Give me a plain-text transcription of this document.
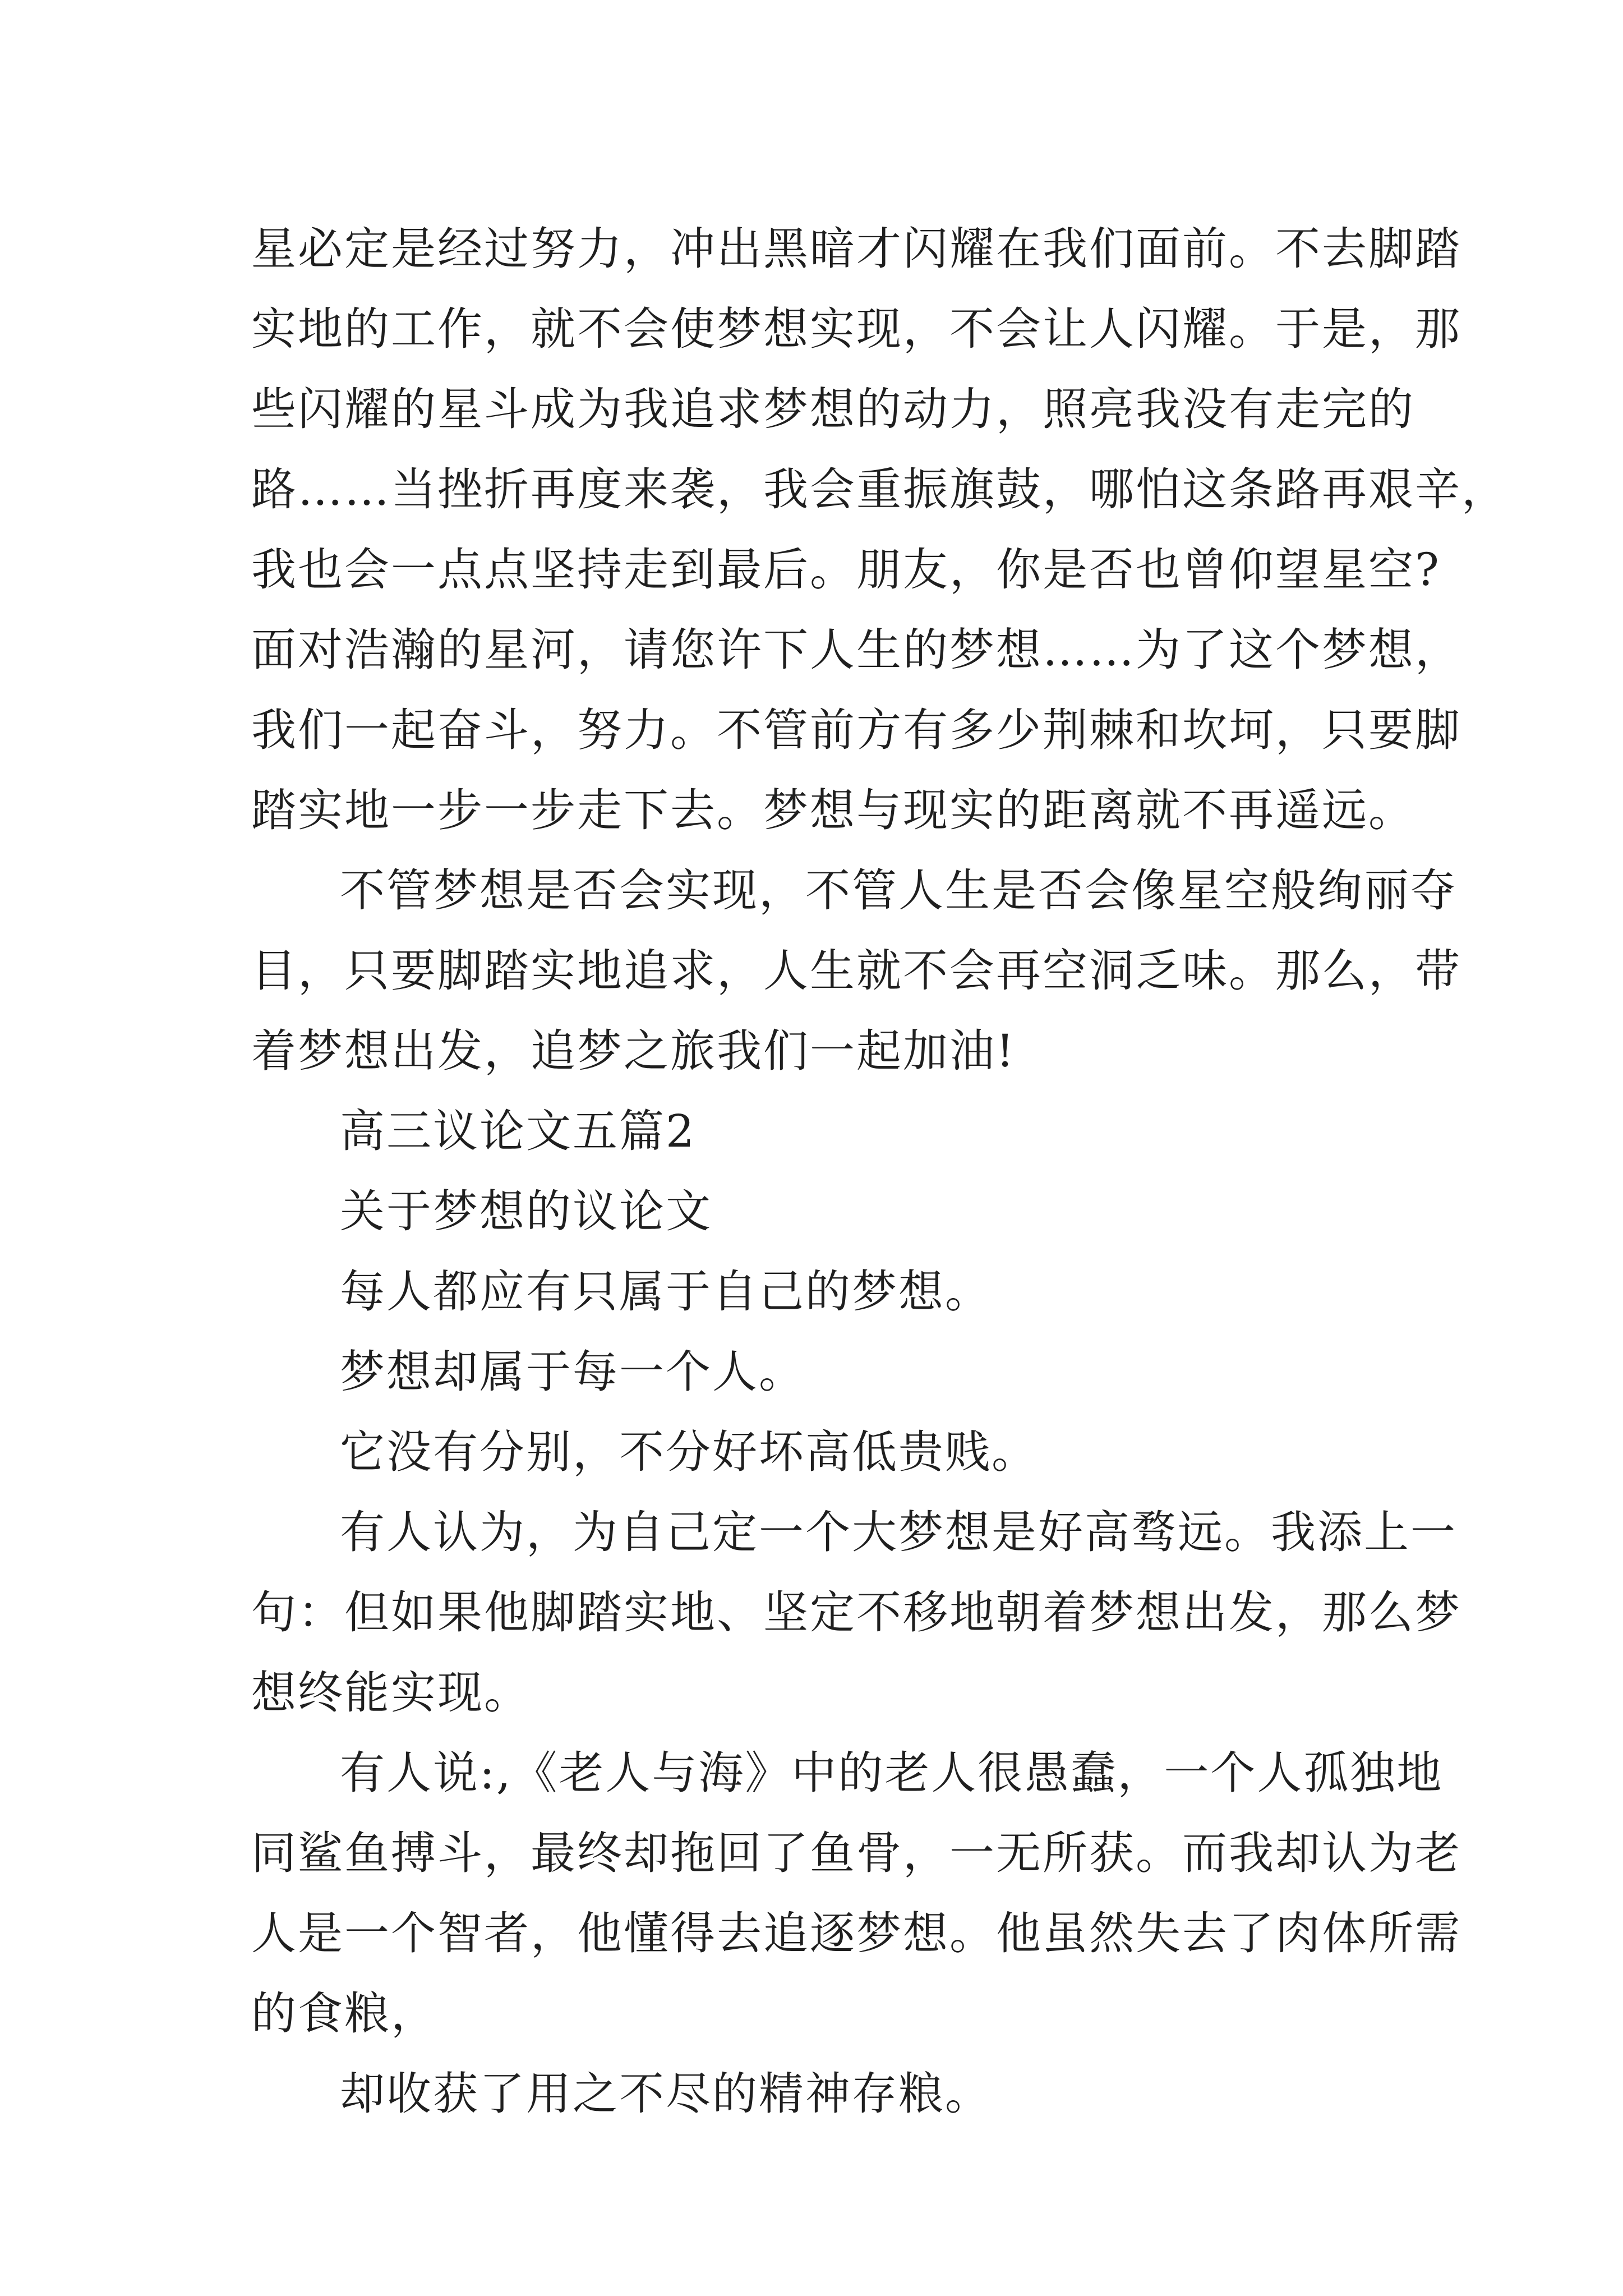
星必定是经过努力，冲出黑暗才闪耀在我们面前。不去脚踏
实地的工作，就不会使梦想实现，不会让人闪耀。于是，那
些闪耀的星斗成为我追求梦想的动力，照亮我没有走完的
路……当挫折再度来袭，我会重振旗鼓，哪怕这条路再艰辛，
我也会一点点坚持走到最后。朋友，你是否也曾仰望星空?
面对浩瀚的星河，请您许下人生的梦想……为了这个梦想，
我们一起奋斗，努力。不管前方有多少荆棘和坎坷，只要脚
踏实地一步一步走下去。梦想与现实的距离就不再遥远。
不管梦想是否会实现，不管人生是否会像星空般绚丽夺
目，只要脚踏实地追求，人生就不会再空洞乏味。那么，带
着梦想出发，追梦之旅我们一起加油!
高三议论文五篇2
关于梦想的议论文
每人都应有只属于自己的梦想。
梦想却属于每一个人。
它没有分别，不分好坏高低贵贱。
有人认为，为自己定一个大梦想是好高骛远。我添上一
句：但如果他脚踏实地、坚定不移地朝着梦想出发，那么梦
想终能实现。
有人说:,《老人与海》中的老人很愚蠢，一个人孤独地
同鲨鱼搏斗，最终却拖回了鱼骨，一无所获。而我却认为老
人是一个智者，他懂得去追逐梦想。他虽然失去了肉体所需
的食粮，
却收获了用之不尽的精神存粮。
